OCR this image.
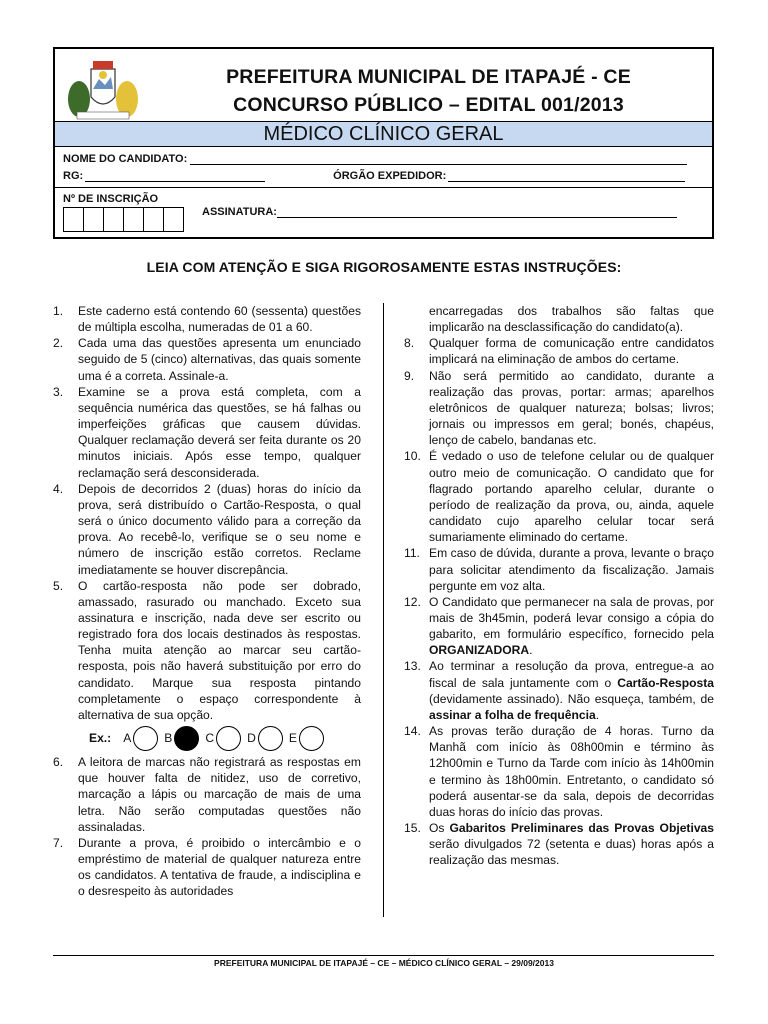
PREFEITURA MUNICIPAL DE ITAPAJÉ - CE
CONCURSO PÚBLICO – EDITAL 001/2013
MÉDICO CLÍNICO GERAL
NOME DO CANDIDATO:
RG:	ÓRGÃO EXPEDIDOR:
Nº DE INSCRIÇÃO
ASSINATURA:
LEIA COM ATENÇÃO E SIGA RIGOROSAMENTE ESTAS INSTRUÇÕES:
1.	Este caderno está contendo 60 (sessenta) questões de múltipla escolha, numeradas de 01 a 60.
2.	Cada uma das questões apresenta um enunciado seguido de 5 (cinco) alternativas, das quais somente uma é a correta. Assinale-a.
3.	Examine se a prova está completa, com a sequência numérica das questões, se há falhas ou imperfeições gráficas que causem dúvidas. Qualquer reclamação deverá ser feita durante os 20 minutos iniciais. Após esse tempo, qualquer reclamação será desconsiderada.
4.	Depois de decorridos 2 (duas) horas do início da prova, será distribuído o Cartão-Resposta, o qual será o único documento válido para a correção da prova. Ao recebê-lo, verifique se o seu nome e número de inscrição estão corretos. Reclame imediatamente se houver discrepância.
5.	O cartão-resposta não pode ser dobrado, amassado, rasurado ou manchado. Exceto sua assinatura e inscrição, nada deve ser escrito ou registrado fora dos locais destinados às respostas. Tenha muita atenção ao marcar seu cartão-resposta, pois não haverá substituição por erro do candidato. Marque sua resposta pintando completamente o espaço correspondente à alternativa de sua opção.
Ex.: A	B	C	D	E
6.	A leitora de marcas não registrará as respostas em que houver falta de nitidez, uso de corretivo, marcação a lápis ou marcação de mais de uma letra. Não serão computadas questões não assinaladas.
7.	Durante a prova, é proibido o intercâmbio e o empréstimo de material de qualquer natureza entre os candidatos. A tentativa de fraude, a indisciplina e o desrespeito às autoridades
encarregadas dos trabalhos são faltas que implicarão na desclassificação do candidato(a).
8.	Qualquer forma de comunicação entre candidatos implicará na eliminação de ambos do certame.
9.	Não será permitido ao candidato, durante a realização das provas, portar: armas; aparelhos eletrônicos de qualquer natureza; bolsas; livros; jornais ou impressos em geral; bonés, chapéus, lenço de cabelo, bandanas etc.
10. É vedado o uso de telefone celular ou de qualquer outro meio de comunicação. O candidato que for flagrado portando aparelho celular, durante o período de realização da prova, ou, ainda, aquele candidato cujo aparelho celular tocar será sumariamente eliminado do certame.
11. Em caso de dúvida, durante a prova, levante o braço para solicitar atendimento da fiscalização. Jamais pergunte em voz alta.
12. O Candidato que permanecer na sala de provas, por mais de 3h45min, poderá levar consigo a cópia do gabarito, em formulário específico, fornecido pela ORGANIZADORA.
13. Ao terminar a resolução da prova, entregue-a ao fiscal de sala juntamente com o Cartão-Resposta (devidamente assinado). Não esqueça, também, de assinar a folha de frequência.
14. As provas terão duração de 4 horas. Turno da Manhã com início às 08h00min e término às 12h00min e Turno da Tarde com início às 14h00min e termino às 18h00min. Entretanto, o candidato só poderá ausentar-se da sala, depois de decorridas duas horas do início das provas.
15. Os Gabaritos Preliminares das Provas Objetivas serão divulgados 72 (setenta e duas) horas após a realização das mesmas.
PREFEITURA MUNICIPAL DE ITAPAJÉ – CE – MÉDICO CLÍNICO GERAL – 29/09/2013
